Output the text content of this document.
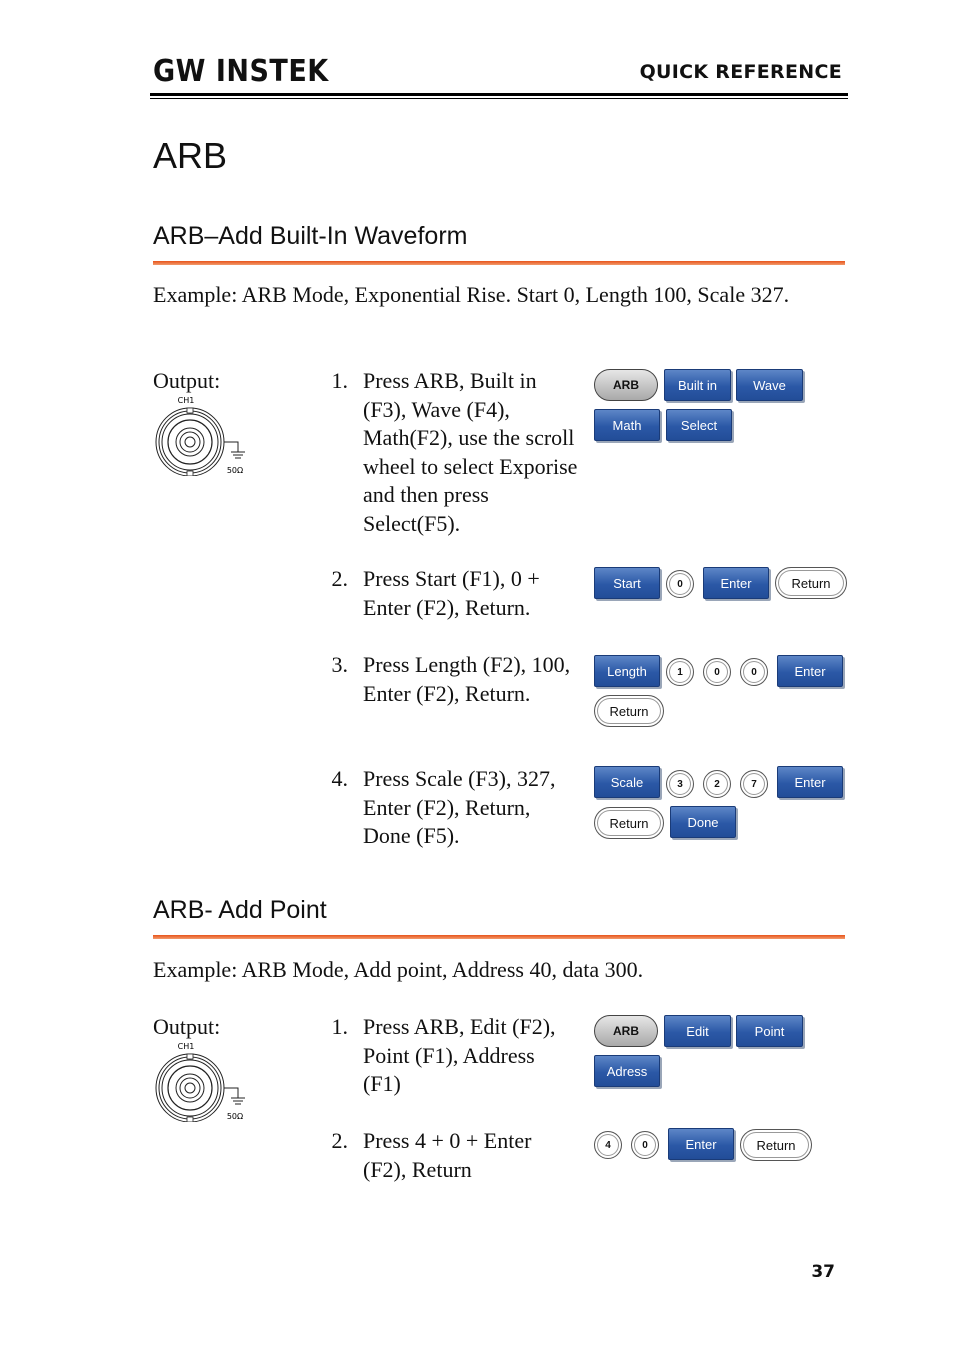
GW INSTEK	QUICK REFERENCE
ARB
ARB–Add Built-In Waveform
Example: ARB Mode, Exponential Rise. Start 0, Length 100, Scale 327.
Output:
CH1
50Ω
1. Press ARB, Built in (F3), Wave (F4), Math(F2), use the scroll wheel to select Exporise and then press Select(F5).
ARB	Built in	Wave
Math	Select
2. Press Start (F1), 0 + Enter (F2), Return.
Start	0	Enter	Return
3. Press Length (F2), 100, Enter (F2), Return.
Length	1	0	0	Enter
Return
4. Press Scale (F3), 327, Enter (F2), Return, Done (F5).
Scale	3	2	7	Enter
Return	Done
ARB- Add Point
Example: ARB Mode, Add point, Address 40, data 300.
Output:
CH1
50Ω
1. Press ARB, Edit (F2), Point (F1), Address (F1)
ARB	Edit	Point
Adress
2. Press 4 + 0 + Enter (F2), Return
4	0	Enter	Return
37
